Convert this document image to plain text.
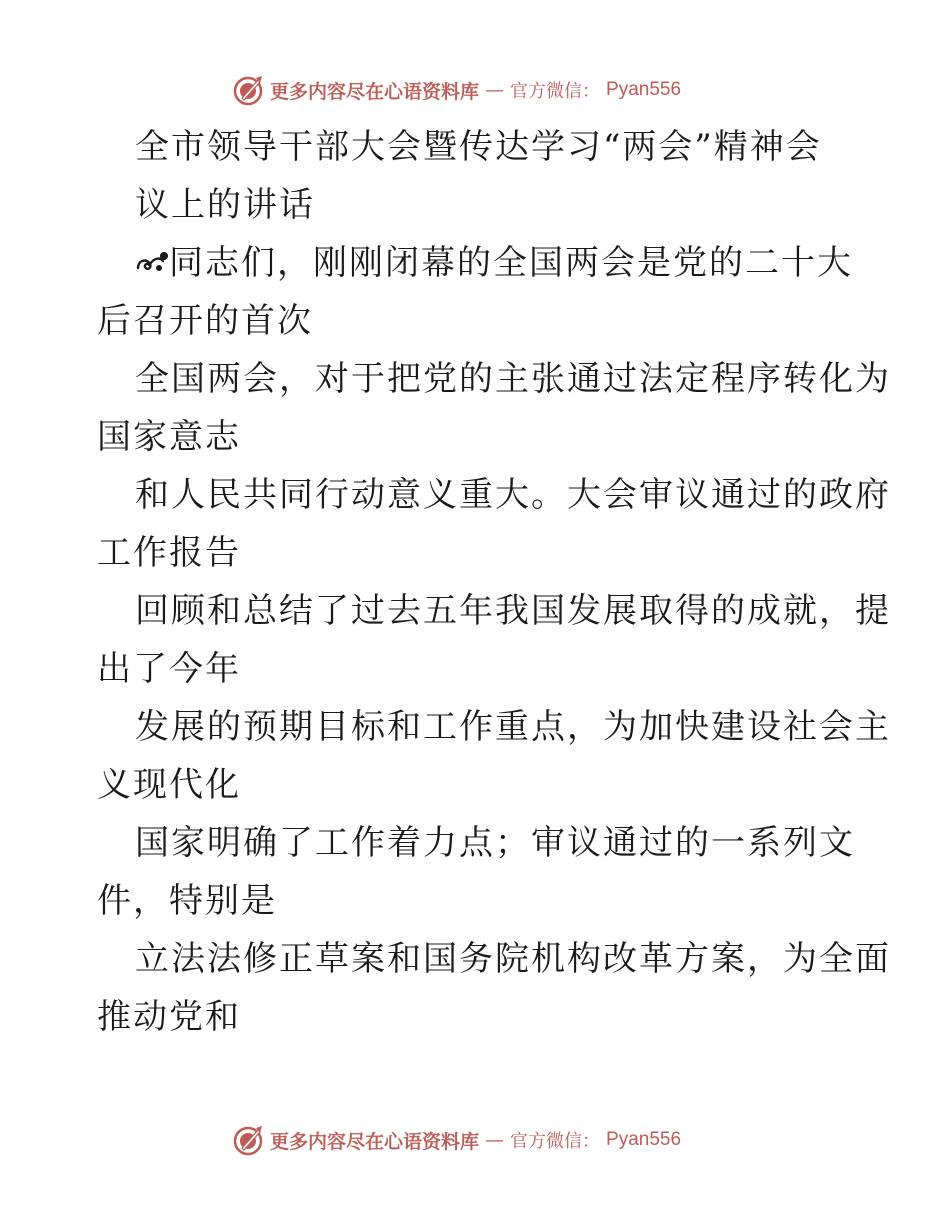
更多内容尽在心语资料库 — 官方微信： Pyan556
全市领导干部大会暨传达学习“两会”精神会
议上的讲话
同志们，刚刚闭幕的全国两会是党的二十大
后召开的首次
全国两会，对于把党的主张通过法定程序转化为
国家意志
和人民共同行动意义重大。大会审议通过的政府
工作报告
回顾和总结了过去五年我国发展取得的成就，提
出了今年
发展的预期目标和工作重点，为加快建设社会主
义现代化
国家明确了工作着力点；审议通过的一系列文
件，特别是
立法法修正草案和国务院机构改革方案，为全面
推动党和
更多内容尽在心语资料库 — 官方微信： Pyan556
